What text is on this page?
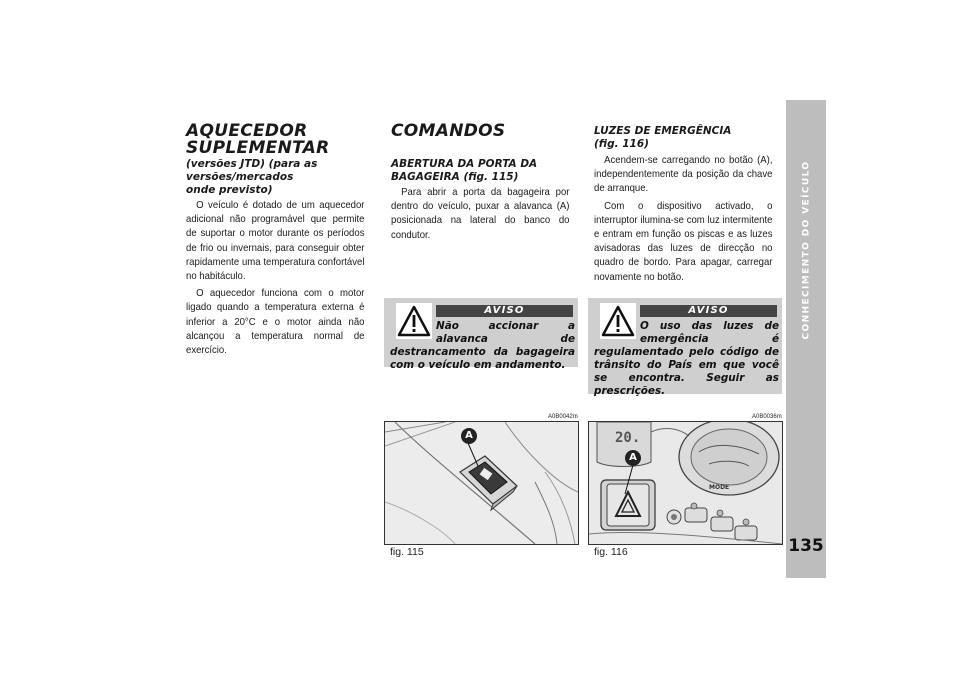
AQUECEDOR
SUPLEMENTAR
(versões JTD) (para as versões/mercados onde previsto)

O veículo é dotado de um aquecedor adicional não programável que permite de suportar o motor durante os períodos de frio ou invernais, para conseguir obter rapidamente uma temperatura confortável no habitáculo.

O aquecedor funciona com o motor ligado quando a temperatura externa é inferior a 20°C e o motor ainda não alcançou a temperatura normal de exercício.

COMANDOS
ABERTURA DA PORTA DA BAGAGEIRA (fig. 115)

Para abrir a porta da bagageira por dentro do veículo, puxar a alavanca (A) posicionada na lateral do banco do condutor.

AVISO
Não accionar a alavanca de destrancamento da bagageira com o veículo em andamento.
A0B0042m
A
fig. 115
LUZES DE EMERGÊNCIA (fig. 116)

Acendem-se carregando no botão (A), independentemente da posição da chave de arranque.

Com o dispositivo activado, o interruptor ilumina-se com luz intermitente e entram em função os piscas e as luzes avisadoras das luzes de direcção no quadro de bordo. Para apagar, carregar novamente no botão.

AVISO
O uso das luzes de emergência é regulamentado pelo código de trânsito do País em que você se encontra. Seguir as prescrições.
A0B0036m
20.
MODE
A
fig. 116
CONHECIMENTO DO VEÍCULO
135
